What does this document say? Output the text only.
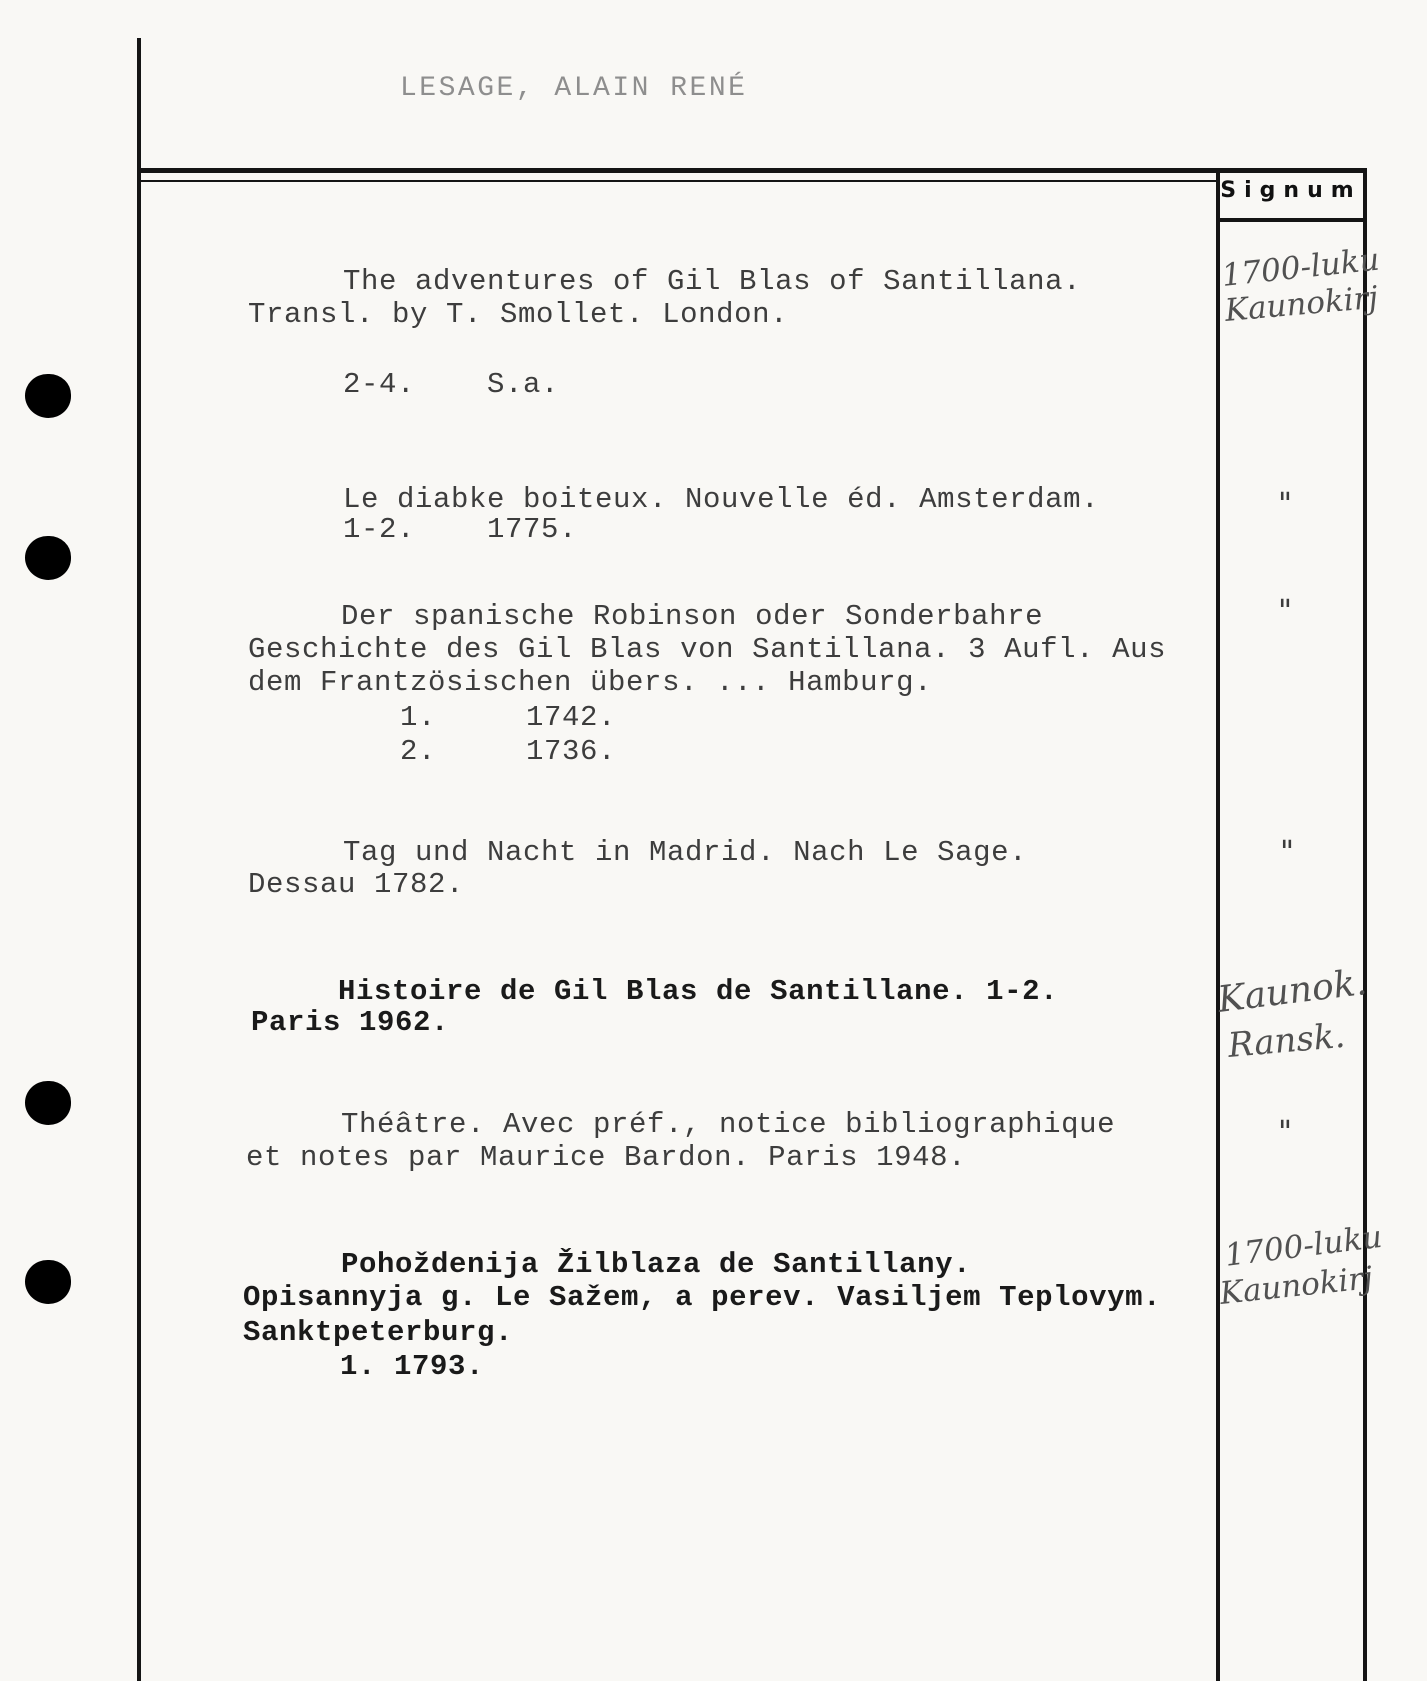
LESAGE, ALAIN RENÉ
Signum
The adventures of Gil Blas of Santillana.
Transl. by T. Smollet. London.
2-4.    S.a.
Le diabke boiteux. Nouvelle éd. Amsterdam.
1-2.    1775.
Der spanische Robinson oder Sonderbahre
Geschichte des Gil Blas von Santillana. 3 Aufl. Aus
dem Frantzösischen übers. ... Hamburg.
1.     1742.
2.     1736.
Tag und Nacht in Madrid. Nach Le Sage.
Dessau 1782.
Histoire de Gil Blas de Santillane. 1-2.
Paris 1962.
Théâtre. Avec préf., notice bibliographique
et notes par Maurice Bardon. Paris 1948.
Pohoždenija Žilblaza de Santillany.
Opisannyja g. Le Sažem, a perev. Vasiljem Teplovym.
Sanktpeterburg.
1. 1793.
1700-luku
Kaunokirj
"
"
"
Kaunok.
Ransk.
"
1700-luku
Kaunokirj
